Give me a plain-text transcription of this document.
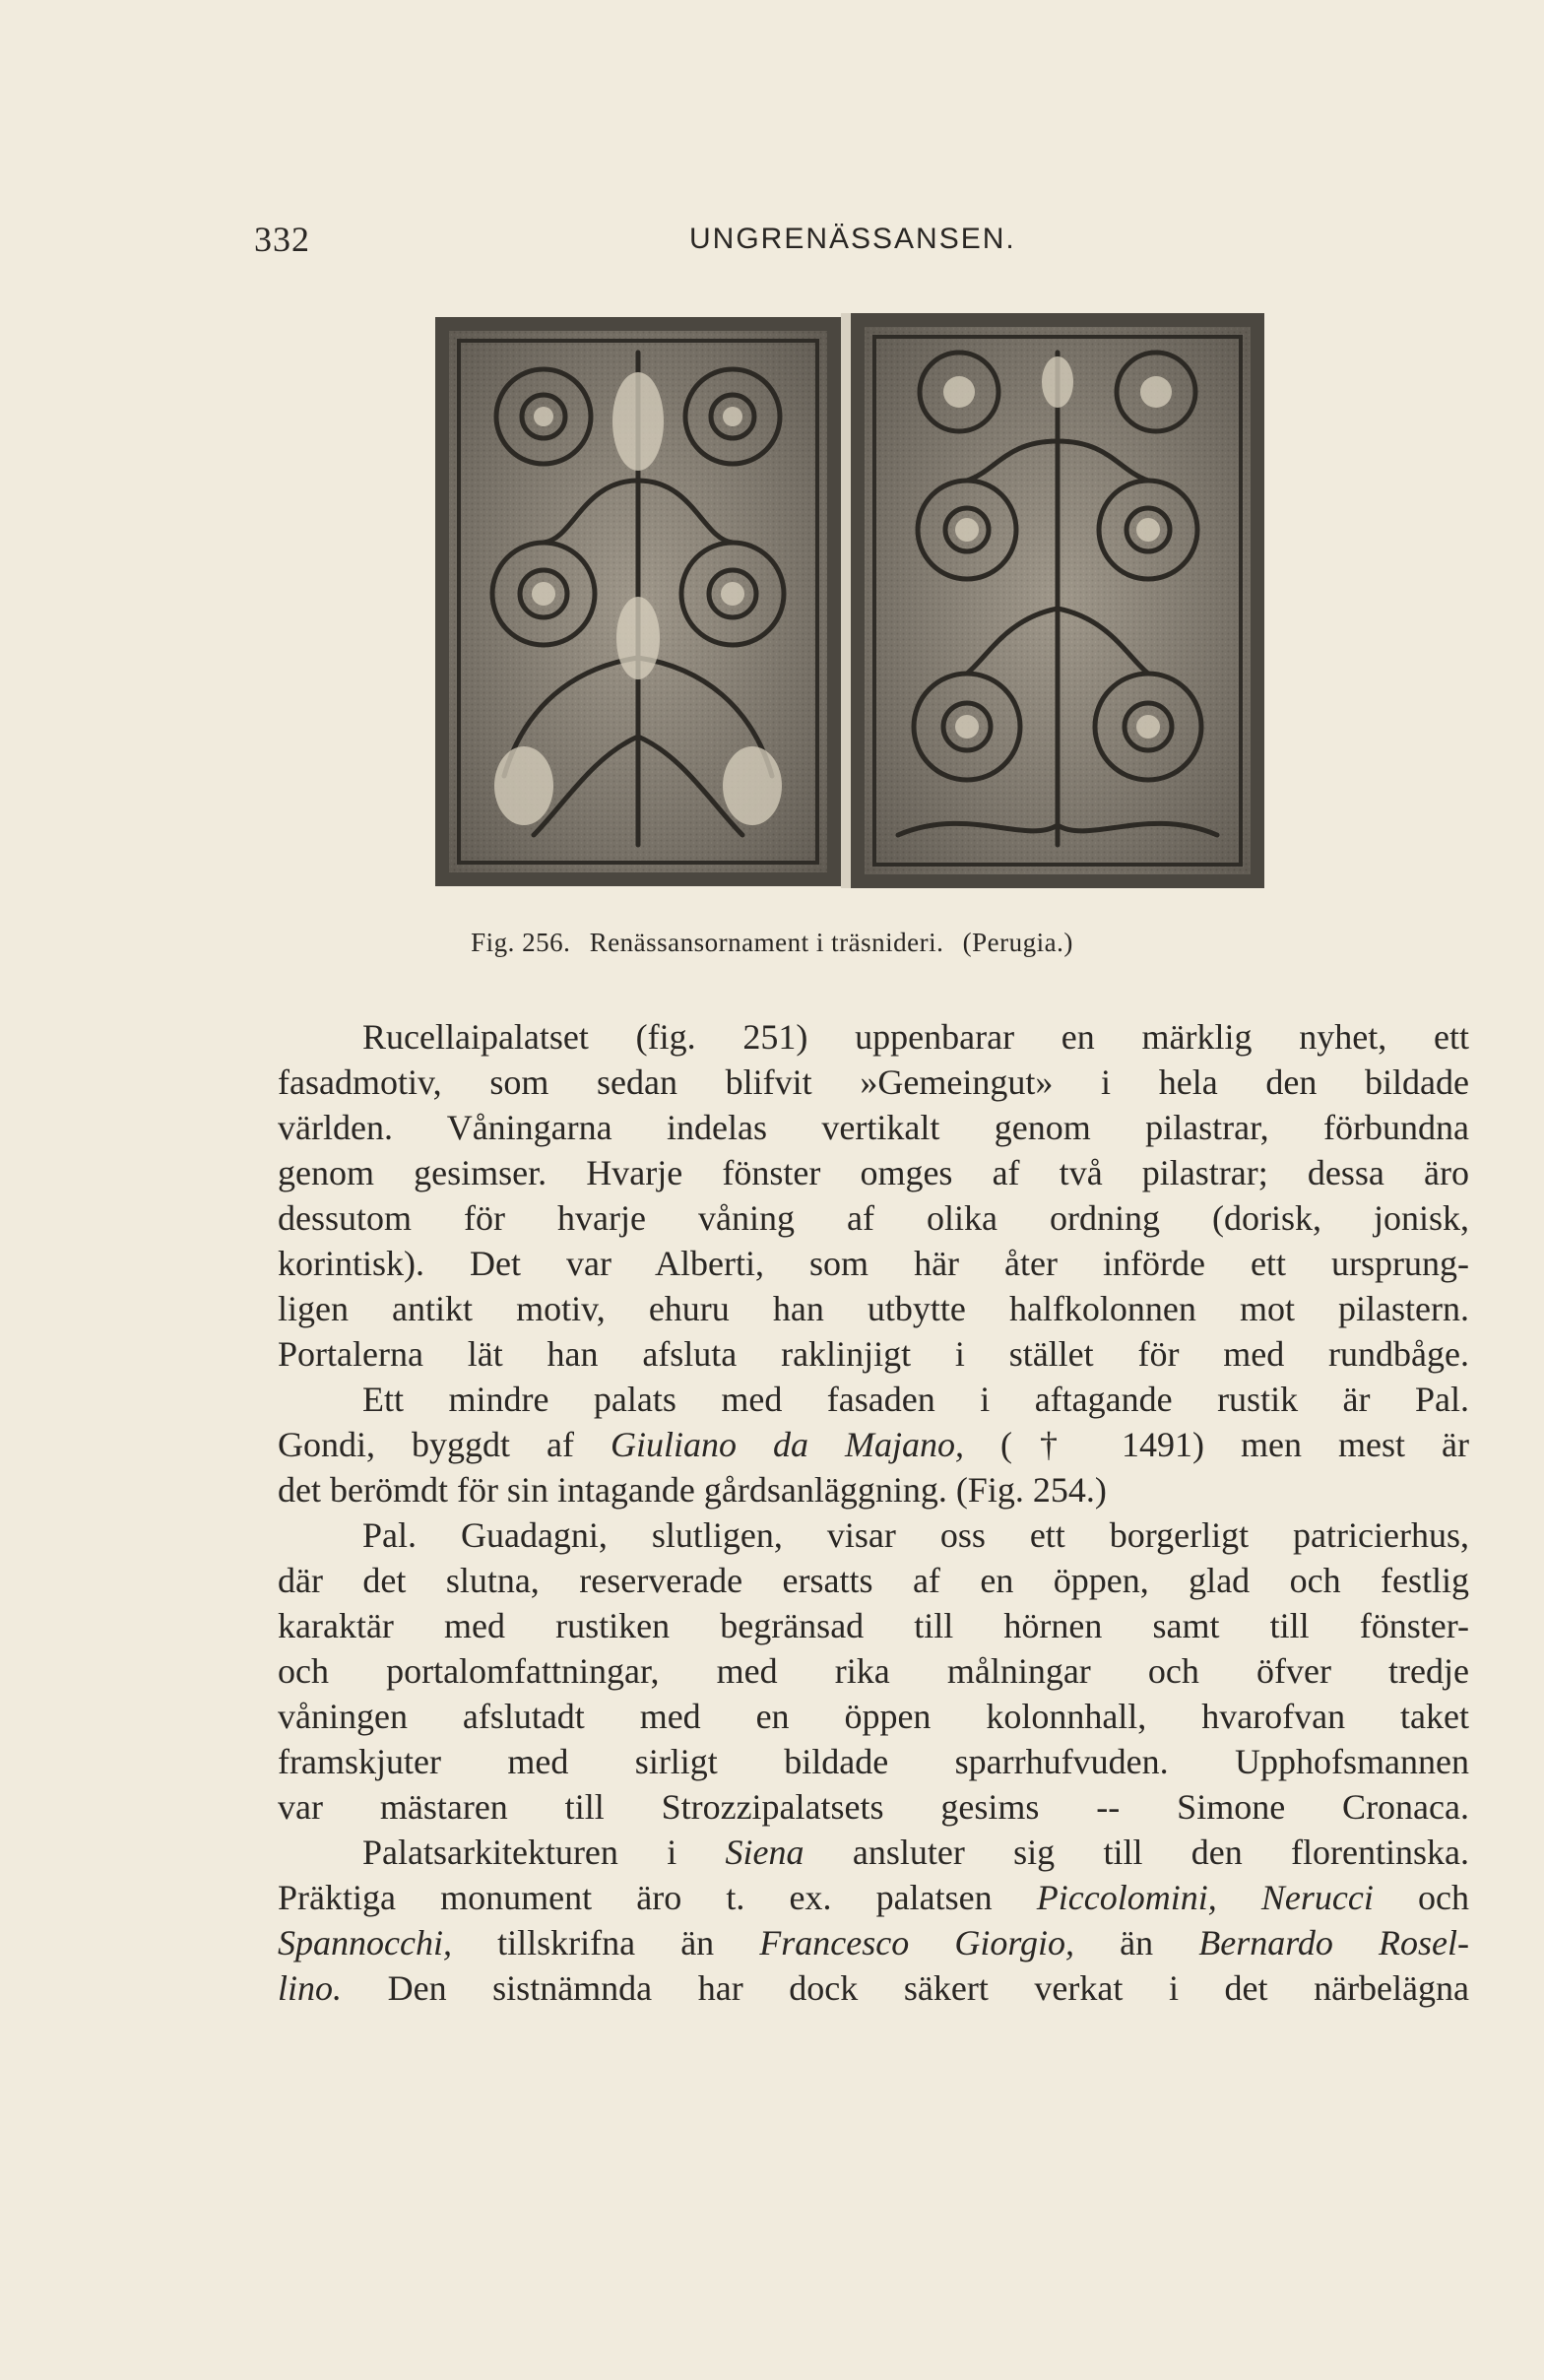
332	UNGRENÄSSANSEN.
Fig. 256. Renässansornament i träsnideri. (Perugia.)
Rucellaipalatset (fig. 251) uppenbarar en märklig nyhet, ett
fasadmotiv, som sedan blifvit »Gemeingut» i hela den bildade
världen. Våningarna indelas vertikalt genom pilastrar, förbundna
genom gesimser. Hvarje fönster omges af två pilastrar; dessa äro
dessutom för hvarje våning af olika ordning (dorisk, jonisk,
korintisk). Det var Alberti, som här åter införde ett ursprung-
ligen antikt motiv, ehuru han utbytte halfkolonnen mot pilastern.
Portalerna lät han afsluta raklinjigt i stället för med rundbåge.
Ett mindre palats med fasaden i aftagande rustik är Pal.
Gondi, byggdt af Giuliano da Majano, († 1491) men mest är
det berömdt för sin intagande gårdsanläggning. (Fig. 254.)
Pal. Guadagni, slutligen, visar oss ett borgerligt patricierhus,
där det slutna, reserverade ersatts af en öppen, glad och festlig
karaktär med rustiken begränsad till hörnen samt till fönster-
och portalomfattningar, med rika målningar och öfver tredje
våningen afslutadt med en öppen kolonnhall, hvarofvan taket
framskjuter med sirligt bildade sparrhufvuden. Upphofsmannen
var mästaren till Strozzipalatsets gesims -- Simone Cronaca.
Palatsarkitekturen i Siena ansluter sig till den florentinska.
Präktiga monument äro t. ex. palatsen Piccolomini, Nerucci och
Spannocchi, tillskrifna än Francesco Giorgio, än Bernardo Rosel-
lino. Den sistnämnda har dock säkert verkat i det närbelägna
